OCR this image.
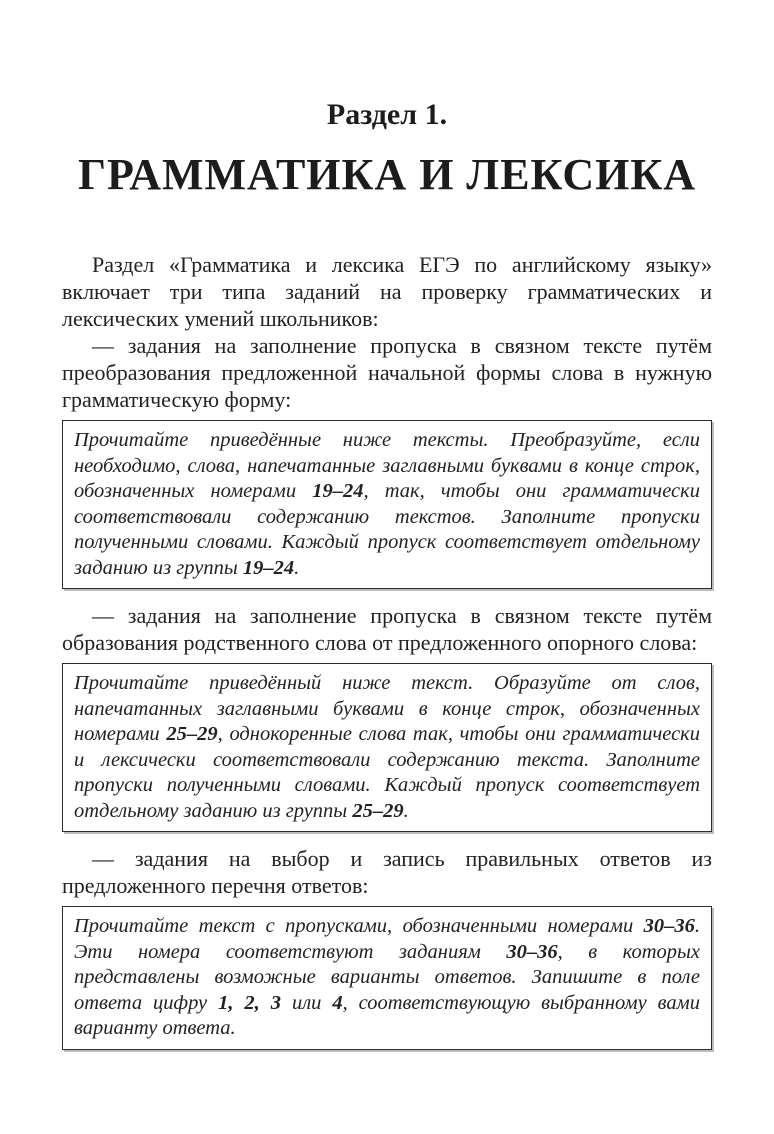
Раздел 1.
ГРАММАТИКА И ЛЕКСИКА

Раздел «Грамматика и лексика ЕГЭ по английскому языку» включает три типа заданий на проверку грамматических и лексических умений школьников:

— задания на заполнение пропуска в связном тексте путём преобразования предложенной начальной формы слова в нужную грамматическую форму:

Прочитайте приведённые ниже тексты. Преобразуйте, если необходимо, слова, напечатанные заглавными буквами в конце строк, обозначенных номерами 19–24, так, чтобы они грамматически соответствовали содержанию текстов. Заполните пропуски полученными словами. Каждый пропуск соответствует отдельному заданию из группы 19–24.

— задания на заполнение пропуска в связном тексте путём образования родственного слова от предложенного опорного слова:

Прочитайте приведённый ниже текст. Образуйте от слов, напечатанных заглавными буквами в конце строк, обозначенных номерами 25–29, однокоренные слова так, чтобы они грамматически и лексически соответствовали содержанию текста. Заполните пропуски полученными словами. Каждый пропуск соответствует отдельному заданию из группы 25–29.

— задания на выбор и запись правильных ответов из предложенного перечня ответов:

Прочитайте текст с пропусками, обозначенными номерами 30–36. Эти номера соответствуют заданиям 30–36, в которых представлены возможные варианты ответов. Запишите в поле ответа цифру 1, 2, 3 или 4, соответствующую выбранному вами варианту ответа.
